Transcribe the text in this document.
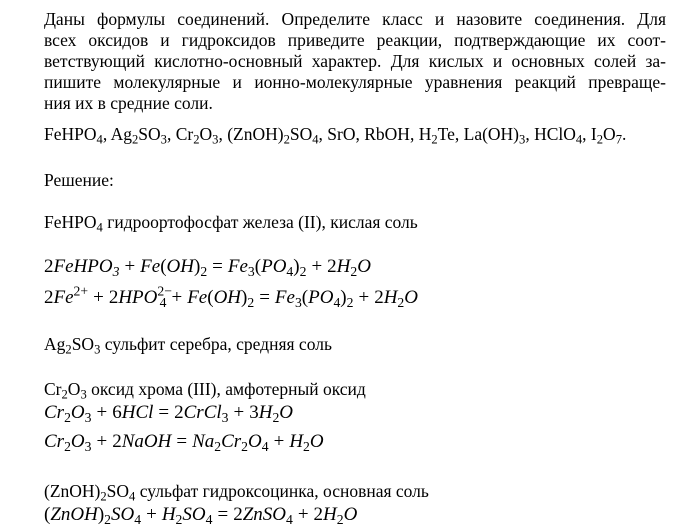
Даны формулы соединений. Определите класс и назовите соединения. Для
всех оксидов и гидроксидов приведите реакции, подтверждающие их соот-
ветствующий кислотно-основный характер. Для кислых и основных солей за-
пишите молекулярные и ионно-молекулярные уравнения реакций превраще-
ния их в средние соли.
FeHPO$_4$, $Ag_2SO_3$, $Cr_2O_3$, $(ZnOH)_2SO_4$, SrO, RbOH, $H_2Te$, $La(OH)_3$, HClO$_4$, $I_2O_7$.
Решение:
FeHPO$_4$ гидроортофосфат железа (II), кислая соль
2FeHPO$_3$ + $Fe(OH)_2 = Fe_3(PO_4)_2 + 2H_2O$
$2Fe^{2+} + 2HPO^{2-}_4 + Fe(OH)_2 = Fe_3(PO_4)_2 + 2H_2O$
$Ag_2SO_3$ сульфит серебра, средняя соль
$Cr_2O_3$ оксид хрома (III), амфотерный оксид
$Cr_2O_3 + 6HCl$ = 2CrCl$_3$ + $3H_2O$
$Cr_2O_3$ + 2NaOH = $Na_2Cr_2O_4 + H_2O$
$(ZnOH)_2SO_4$ сульфат гидроксоцинка, основная соль
$(ZnOH)_2SO_4 + H_2SO_4$ = 2ZnSO$_4$ + $2H_2O$
